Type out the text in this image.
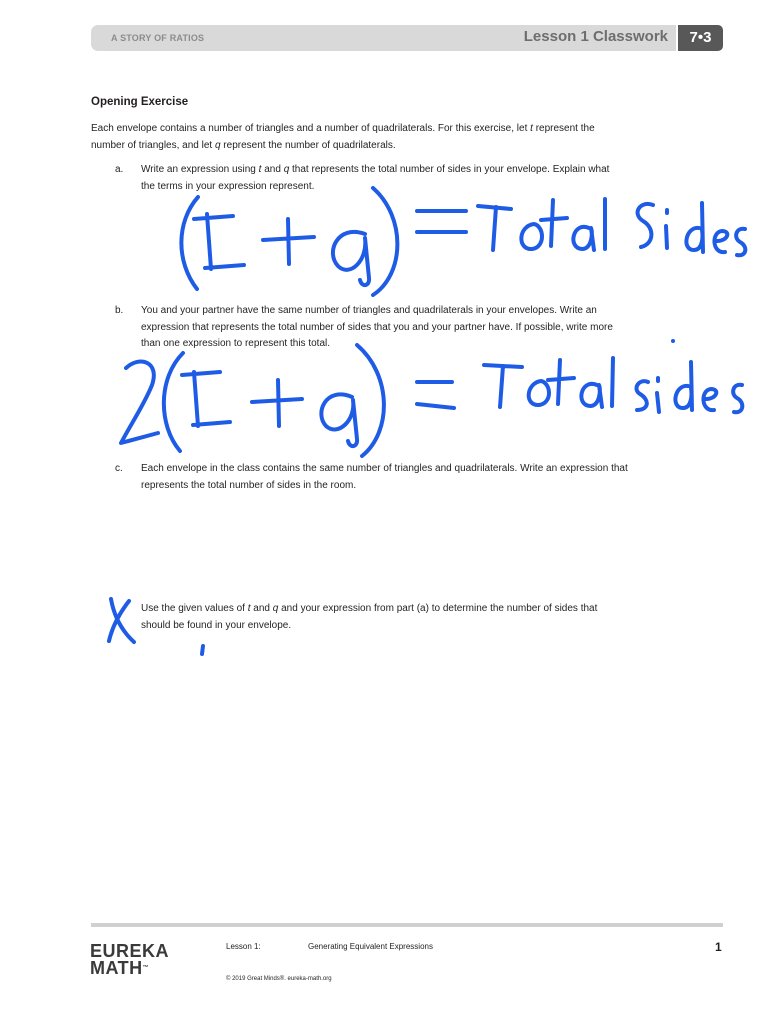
A STORY OF RATIOS	Lesson 1 Classwork	7•3
Opening Exercise
Each envelope contains a number of triangles and a number of quadrilaterals. For this exercise, let t represent the
number of triangles, and let q represent the number of quadrilaterals.
a. Write an expression using t and q that represents the total number of sides in your envelope. Explain what
the terms in your expression represent.
b. You and your partner have the same number of triangles and quadrilaterals in your envelopes. Write an
expression that represents the total number of sides that you and your partner have. If possible, write more
than one expression to represent this total.
c. Each envelope in the class contains the same number of triangles and quadrilaterals. Write an expression that
represents the total number of sides in the room.
Use the given values of t and q and your expression from part (a) to determine the number of sides that
should be found in your envelope.
EUREKA
MATH™
Lesson 1:	Generating Equivalent Expressions	1
© 2019 Great Minds®. eureka-math.org
